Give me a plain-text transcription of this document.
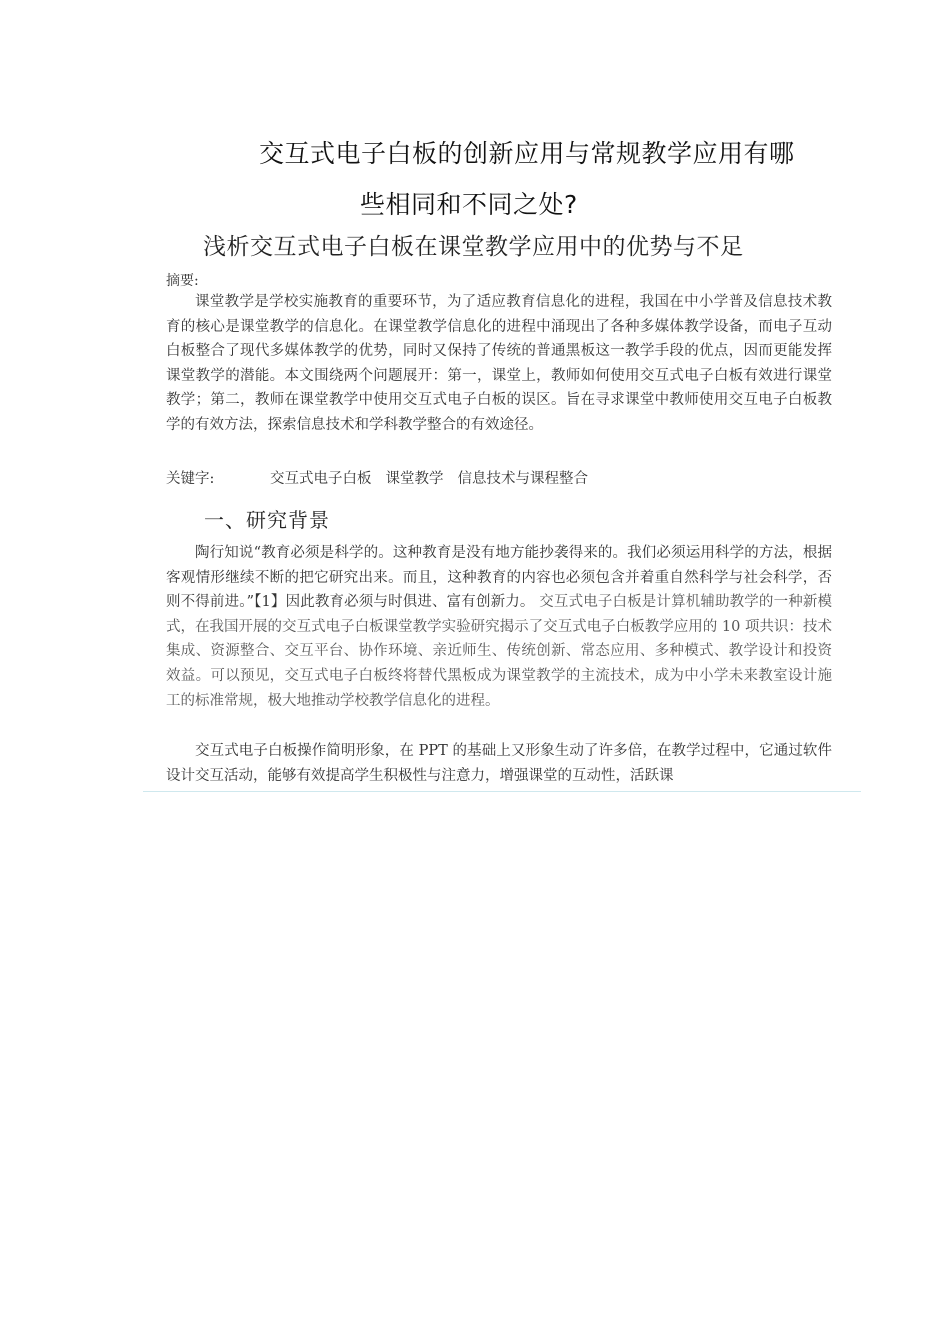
交互式电子白板的创新应用与常规教学应用有哪
些相同和不同之处?
浅析交互式电子白板在课堂教学应用中的优势与不足
摘要:

课堂教学是学校实施教育的重要环节，为了适应教育信息化的进程，我国在中小学普及信息技术教育的核心是课堂教学的信息化。在课堂教学信息化的进程中涌现出了各种多媒体教学设备，而电子互动白板整合了现代多媒体教学的优势，同时又保持了传统的普通黑板这一教学手段的优点，因而更能发挥课堂教学的潜能。本文围绕两个问题展开：第一，课堂上，教师如何使用交互式电子白板有效进行课堂教学；第二，教师在课堂教学中使用交互式电子白板的误区。旨在寻求课堂中教师使用交互电子白板教学的有效方法，探索信息技术和学科教学整合的有效途径。

关键字:	交互式电子白板 课堂教学 信息技术与课程整合
一、研究背景

陶行知说“教育必须是科学的。这种教育是没有地方能抄袭得来的。我们必须运用科学的方法，根据客观情形继续不断的把它研究出来。而且，这种教育的内容也必须包含并着重自然科学与社会科学，否则不得前进。”【1】因此教育必须与时俱进、富有创新力。 交互式电子白板是计算机辅助教学的一种新模式，在我国开展的交互式电子白板课堂教学实验研究揭示了交互式电子白板教学应用的 10 项共识：技术集成、资源整合、交互平台、协作环境、亲近师生、传统创新、常态应用、多种模式、教学设计和投资效益。可以预见，交互式电子白板终将替代黑板成为课堂教学的主流技术，成为中小学未来教室设计施工的标准常规，极大地推动学校教学信息化的进程。

交互式电子白板操作简明形象，在 PPT 的基础上又形象生动了许多倍，在教学过程中，它通过软件设计交互活动，能够有效提高学生积极性与注意力，增强课堂的互动性，活跃课
